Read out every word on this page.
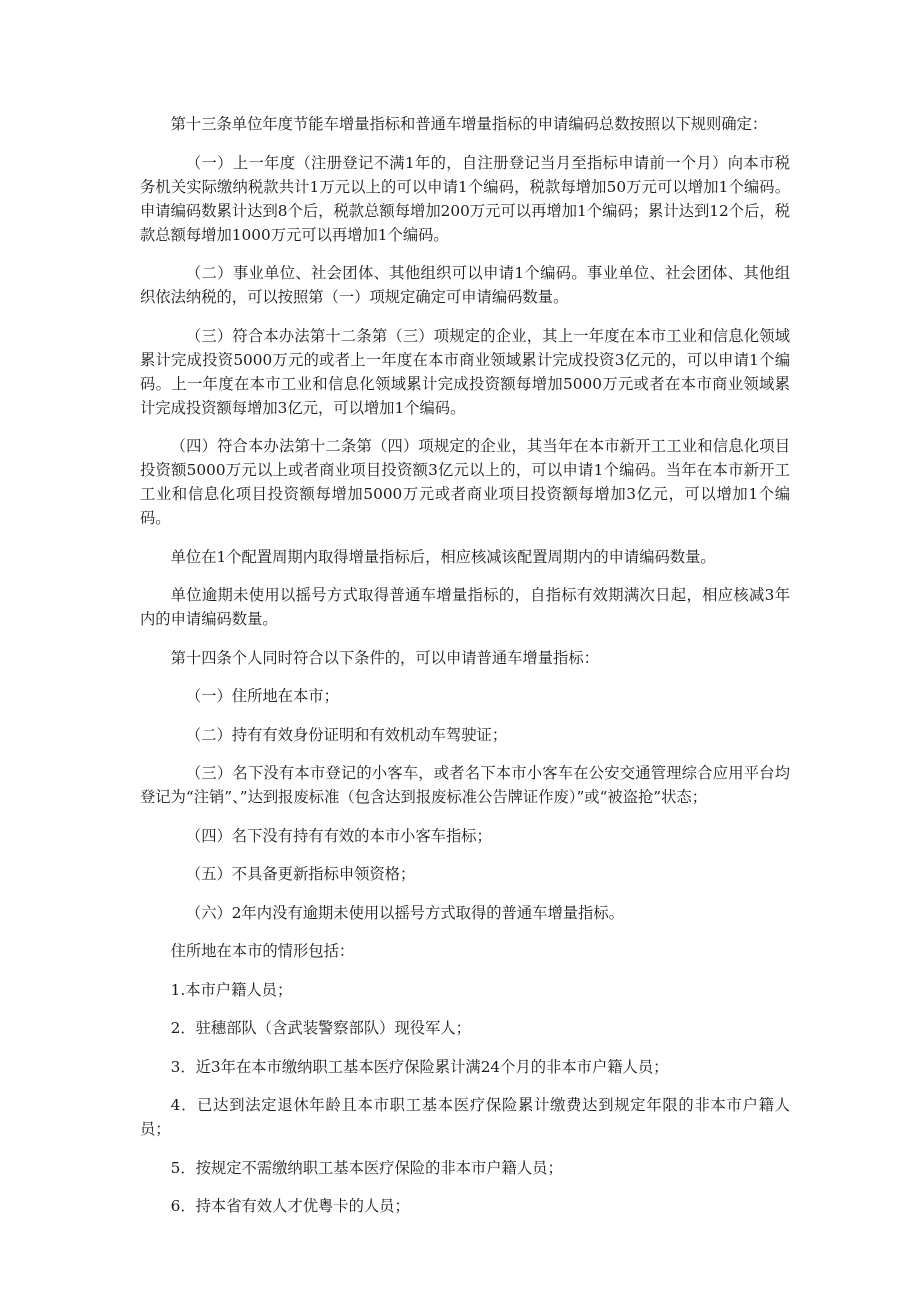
第十三条单位年度节能车增量指标和普通车增量指标的申请编码总数按照以下规则确定：

（一）上一年度（注册登记不满1年的，自注册登记当月至指标申请前一个月）向本市税务机关实际缴纳税款共计1万元以上的可以申请1个编码，税款每增加50万元可以增加1个编码。申请编码数累计达到8个后，税款总额每增加200万元可以再增加1个编码；累计达到12个后，税款总额每增加1000万元可以再增加1个编码。

（二）事业单位、社会团体、其他组织可以申请1个编码。事业单位、社会团体、其他组织依法纳税的，可以按照第（一）项规定确定可申请编码数量。

（三）符合本办法第十二条第（三）项规定的企业，其上一年度在本市工业和信息化领域累计完成投资5000万元的或者上一年度在本市商业领域累计完成投资3亿元的，可以申请1个编码。上一年度在本市工业和信息化领域累计完成投资额每增加5000万元或者在本市商业领域累计完成投资额每增加3亿元，可以增加1个编码。

（四）符合本办法第十二条第（四）项规定的企业，其当年在本市新开工工业和信息化项目投资额5000万元以上或者商业项目投资额3亿元以上的，可以申请1个编码。当年在本市新开工工业和信息化项目投资额每增加5000万元或者商业项目投资额每增加3亿元，可以增加1个编码。

单位在1个配置周期内取得增量指标后，相应核减该配置周期内的申请编码数量。

单位逾期未使用以摇号方式取得普通车增量指标的，自指标有效期满次日起，相应核减3年内的申请编码数量。

第十四条个人同时符合以下条件的，可以申请普通车增量指标：

（一）住所地在本市；

（二）持有有效身份证明和有效机动车驾驶证；

（三）名下没有本市登记的小客车，或者名下本市小客车在公安交通管理综合应用平台均登记为“注销”、”达到报废标准（包含达到报废标准公告牌证作废）”或“被盗抢”状态；

（四）名下没有持有有效的本市小客车指标；

（五）不具备更新指标申领资格；

（六）2年内没有逾期未使用以摇号方式取得的普通车增量指标。

住所地在本市的情形包括：

1.本市户籍人员；

2．驻穗部队（含武装警察部队）现役军人；

3．近3年在本市缴纳职工基本医疗保险累计满24个月的非本市户籍人员；

4．已达到法定退休年龄且本市职工基本医疗保险累计缴费达到规定年限的非本市户籍人员；

5．按规定不需缴纳职工基本医疗保险的非本市户籍人员；

6．持本省有效人才优粤卡的人员；
